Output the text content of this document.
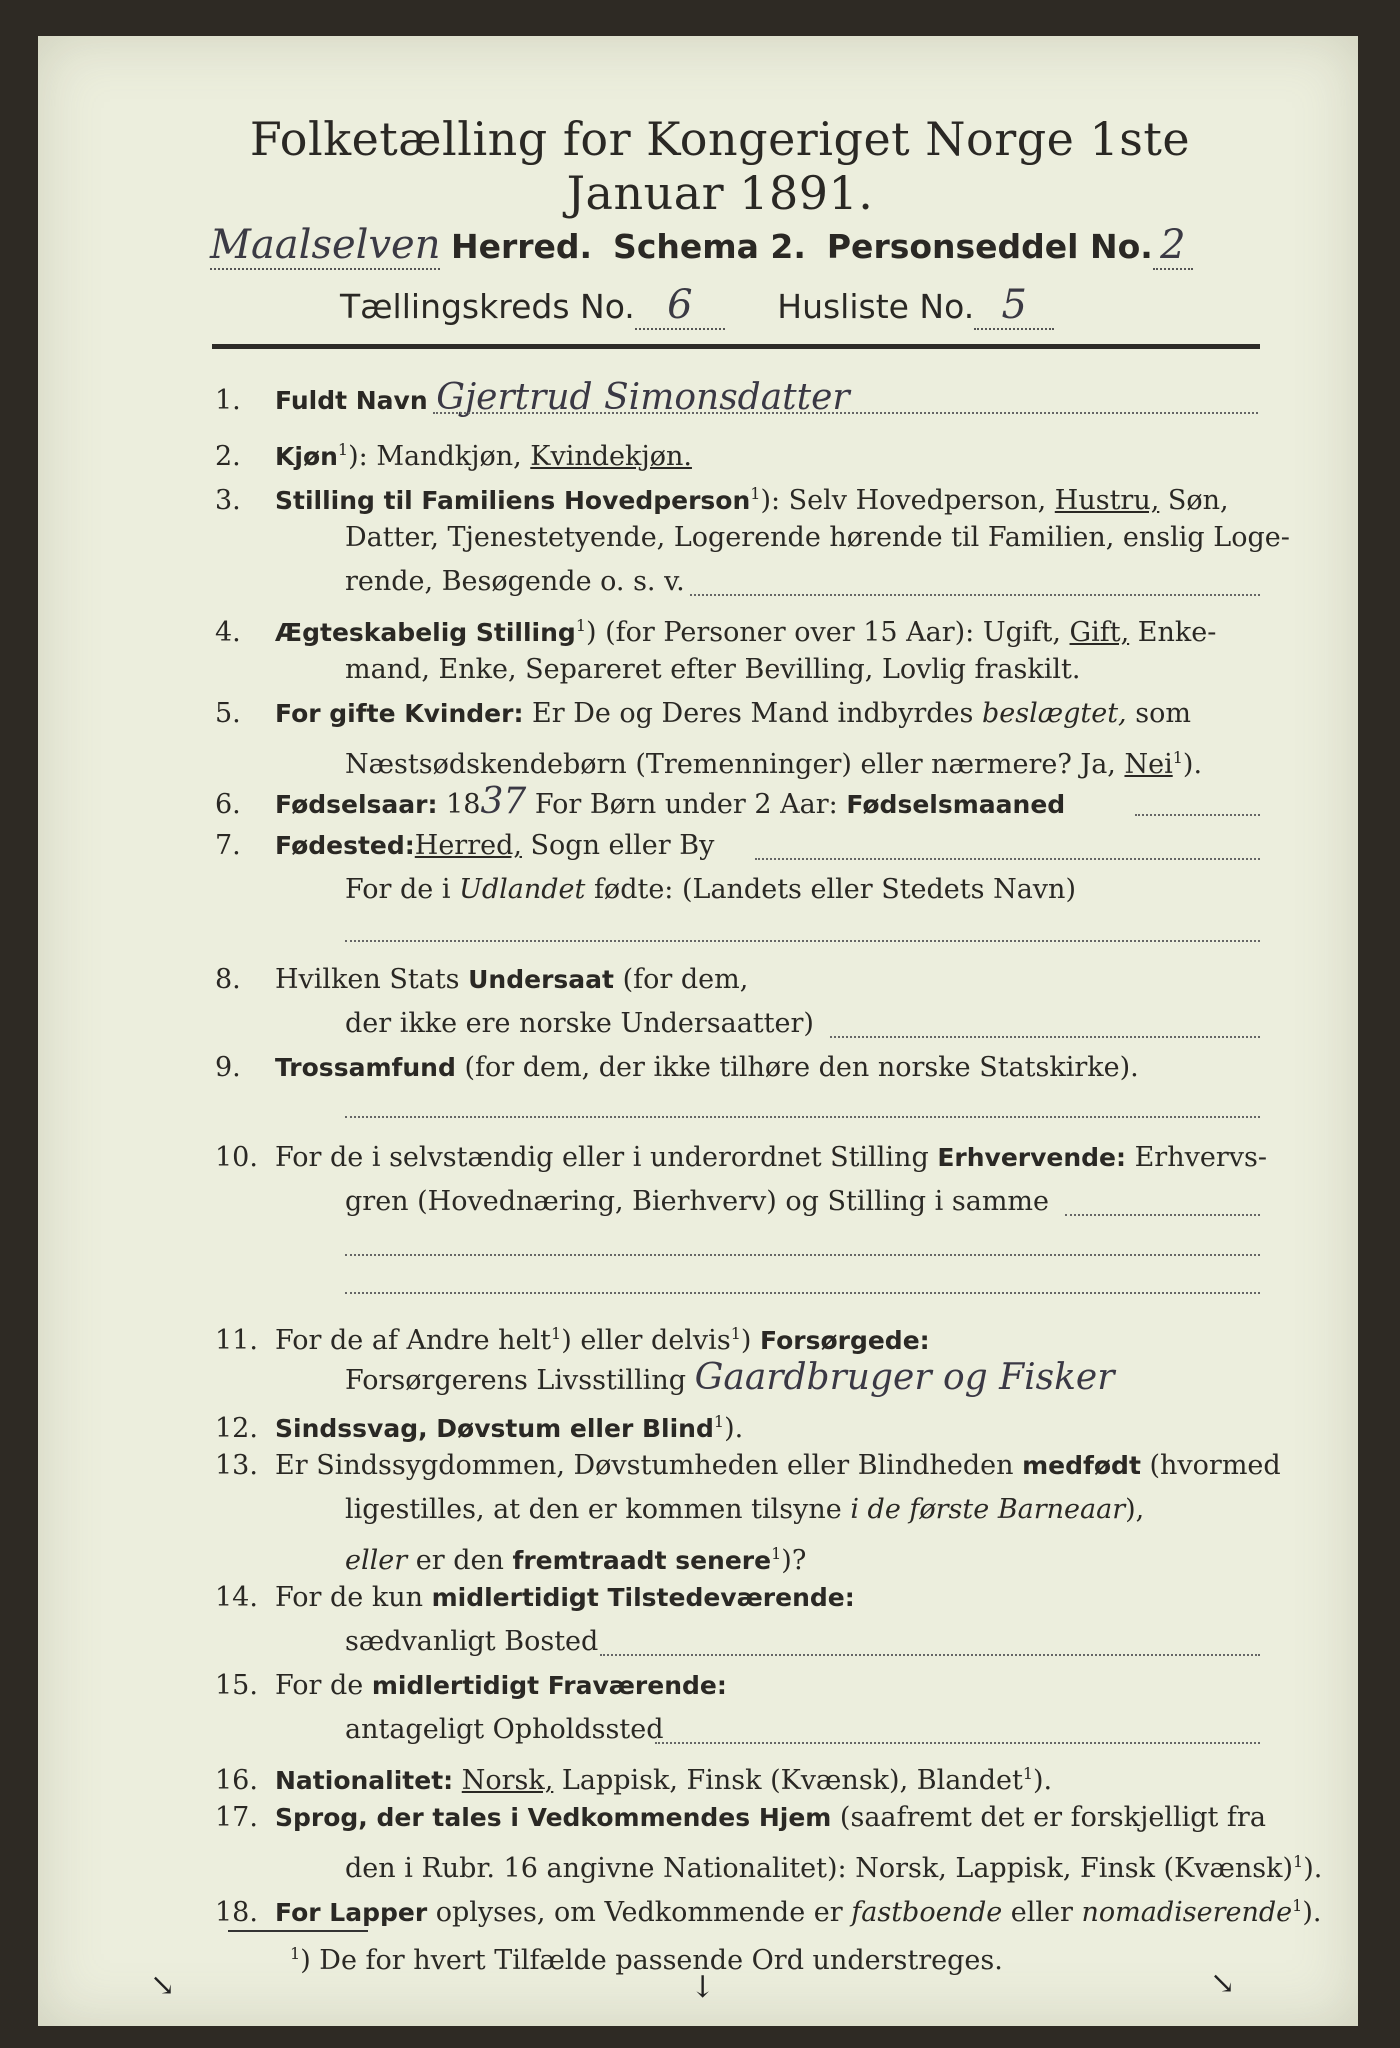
Folketælling for Kongeriget Norge 1ste Januar 1891.
Maalselven Herred. Schema 2. Personseddel No. 2
Tællingskreds No. 6	Husliste No. 5
1. Fuldt Navn Gjertrud Simonsdatter
2. Kjøn$^1$): Mandkjøn, Kvindekjøn.
3. Stilling til Familiens Hovedperson$^1$): Selv Hovedperson, Hustru, Søn,
Datter, Tjenestetyende, Logerende hørende til Familien, enslig Loge-
rende, Besøgende o. s. v.
4. Ægteskabelig Stilling$^1$) (for Personer over 15 Aar): Ugift, Gift, Enke-
mand, Enke, Separeret efter Bevilling, Lovlig fraskilt.
5. For gifte Kvinder: Er De og Deres Mand indbyrdes beslægtet, som
Næstsødskendebørn (Tremenninger) eller nærmere? Ja, Nei$^1$).
6. Fødselsaar: 1837 For Børn under 2 Aar: Fødselsmaaned
7. Fødested:Herred, Sogn eller By
For de i Udlandet fødte: (Landets eller Stedets Navn)
8. Hvilken Stats Undersaat (for dem,
der ikke ere norske Undersaatter)
9. Trossamfund (for dem, der ikke tilhøre den norske Statskirke).
10. For de i selvstændig eller i underordnet Stilling Erhvervende: Erhvervs-
gren (Hovednæring, Bierhverv) og Stilling i samme
11. For de af Andre helt$^1$) eller delvis$^1$) Forsørgede:
Forsørgerens Livsstilling Gaardbruger og Fisker
12. Sindssvag, Døvstum eller Blind$^1$).
13. Er Sindssygdommen, Døvstumheden eller Blindheden medfødt (hvormed
ligestilles, at den er kommen tilsyne i de første Barneaar),
eller er den fremtraadt senere$^1$)?
14. For de kun midlertidigt Tilstedeværende:
sædvanligt Bosted
15. For de midlertidigt Fraværende:
antageligt Opholdssted
16. Nationalitet: Norsk, Lappisk, Finsk (Kvænsk), Blandet$^1$).
17. Sprog, der tales i Vedkommendes Hjem (saafremt det er forskjelligt fra
den i Rubr. 16 angivne Nationalitet): Norsk, Lappisk, Finsk (Kvænsk)$^1$).
18. For Lapper oplyses, om Vedkommende er fastboende eller nomadiserende$^1$).
$^1$) De for hvert Tilfælde passende Ord understreges.
↘	↓	↘
